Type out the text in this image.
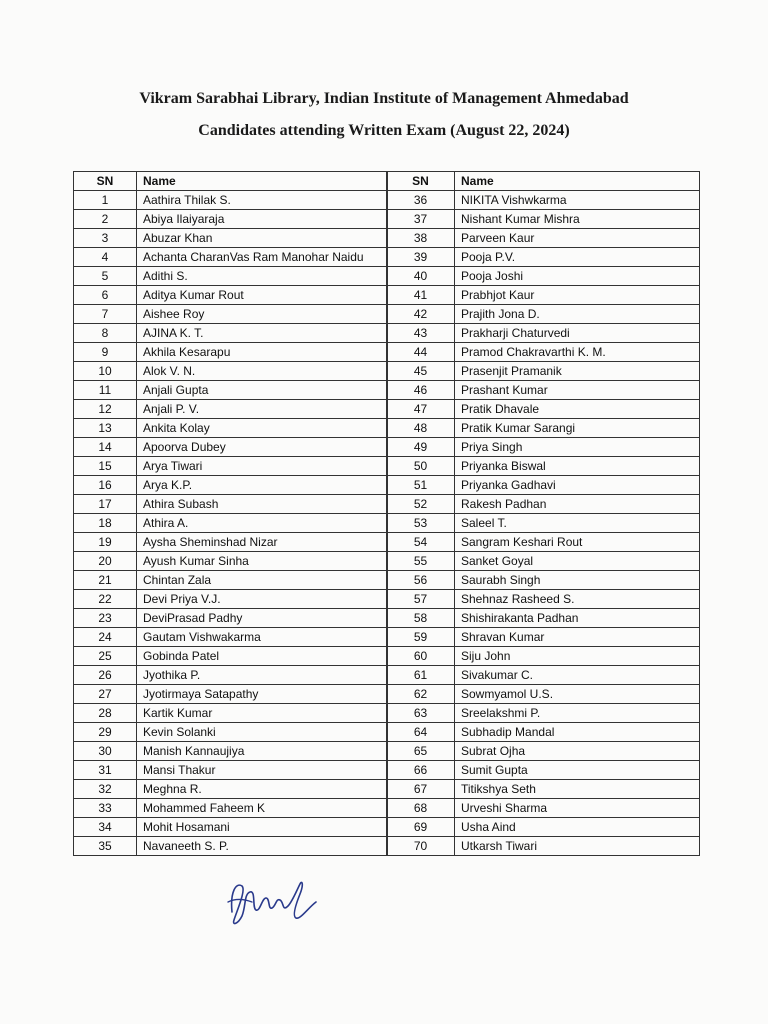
Vikram Sarabhai Library, Indian Institute of Management Ahmedabad
Candidates attending Written Exam (August 22, 2024)
SN	Name
1	Aathira Thilak S.
2	Abiya Ilaiyaraja
3	Abuzar Khan
4	Achanta CharanVas Ram Manohar Naidu
5	Adithi S.
6	Aditya Kumar Rout
7	Aishee Roy
8	AJINA K. T.
9	Akhila Kesarapu
10	Alok V. N.
11	Anjali Gupta
12	Anjali P. V.
13	Ankita Kolay
14	Apoorva Dubey
15	Arya Tiwari
16	Arya K.P.
17	Athira Subash
18	Athira A.
19	Aysha Sheminshad Nizar
20	Ayush Kumar Sinha
21	Chintan Zala
22	Devi Priya V.J.
23	DeviPrasad Padhy
24	Gautam Vishwakarma
25	Gobinda Patel
26	Jyothika P.
27	Jyotirmaya Satapathy
28	Kartik Kumar
29	Kevin Solanki
30	Manish Kannaujiya
31	Mansi Thakur
32	Meghna R.
33	Mohammed Faheem K
34	Mohit Hosamani
35	Navaneeth S. P.
SN	Name
36	NIKITA Vishwkarma
37	Nishant Kumar Mishra
38	Parveen Kaur
39	Pooja P.V.
40	Pooja Joshi
41	Prabhjot Kaur
42	Prajith Jona D.
43	Prakharji Chaturvedi
44	Pramod Chakravarthi K. M.
45	Prasenjit Pramanik
46	Prashant Kumar
47	Pratik Dhavale
48	Pratik Kumar Sarangi
49	Priya Singh
50	Priyanka Biswal
51	Priyanka Gadhavi
52	Rakesh Padhan
53	Saleel T.
54	Sangram Keshari Rout
55	Sanket Goyal
56	Saurabh Singh
57	Shehnaz Rasheed S.
58	Shishirakanta Padhan
59	Shravan Kumar
60	Siju John
61	Sivakumar C.
62	Sowmyamol U.S.
63	Sreelakshmi P.
64	Subhadip Mandal
65	Subrat Ojha
66	Sumit Gupta
67	Titikshya Seth
68	Urveshi Sharma
69	Usha Aind
70	Utkarsh Tiwari
